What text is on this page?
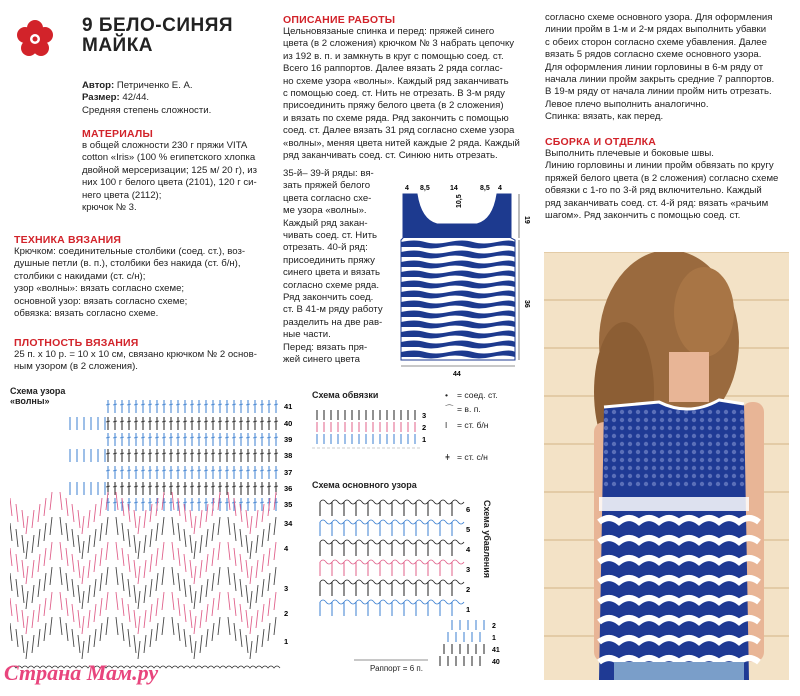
9 БЕЛО-СИНЯЯ
МАЙКА
Автор: Петриченко Е. А.
Размер: 42/44.
Средняя степень сложности.
МАТЕРИАЛЫ
в общей сложности 230 г пряжи VITA
cotton «Iris» (100 % египетского хлопка
двойной мерсеризации; 125 м/ 20 г), из
них 100 г белого цвета (2101), 120 г си-
него цвета (2112);
крючок № 3.
ТЕХНИКА ВЯЗАНИЯ
Крючком: соединительные столбики (соед. ст.), воз-
душные петли (в. п.), столбики без накида (ст. б/н),
столбики с накидами (ст. с/н);
узор «волны»: вязать согласно схеме;
основной узор: вязать согласно схеме;
обвязка: вязать согласно схеме.
ПЛОТНОСТЬ ВЯЗАНИЯ
25 п. х 10 р. = 10 х 10 см, связано крючком № 2 основ-
ным узором (в 2 сложения).
ОПИСАНИЕ РАБОТЫ
Цельновязаные спинка и перед: пряжей синего
цвета (в 2 сложения) крючком № 3 набрать цепочку
из 192 в. п. и замкнуть в круг с помощью соед. ст.
Всего 16 раппортов. Далее вязать 2 ряда соглас-
но схеме узора «волны». Каждый ряд заканчивать
с помощью соед. ст. Нить не отрезать. В 3-м ряду
присоединить пряжу белого цвета (в 2 сложения)
и вязать по схеме ряда. Ряд закончить с помощью
соед. ст. Далее вязать 31 ряд согласно схеме узора
«волны», меняя цвета нитей каждые 2 ряда. Каждый
ряд заканчивать соед. ст. Синюю нить отрезать.
35-й– 39-й ряды: вя-
зать пряжей белого
цвета согласно схе-
ме узора «волны».
Каждый ряд закан-
чивать соед. ст. Нить
отрезать. 40-й ряд:
присоединить пряжу
синего цвета и вязать
согласно схеме ряда.
Ряд закончить соед.
ст. В 41-м ряду работу
разделить на две рав-
ные части.
Перед: вязать пря-
жей синего цвета
4 8,5	14	8,5 4
Перед и спинка
10,5
19
36
44
согласно схеме основного узора. Для оформления
линии пройм в 1-м и 2-м рядах выполнить убавки
с обеих сторон согласно схеме убавления. Далее
вязать 5 рядов согласно схеме основного узора.
Для оформления линии горловины в 6-м ряду от
начала линии пройм закрыть средние 7 раппортов.
В 19-м ряду от начала линии пройм нить отрезать.
Левое плечо выполнить аналогично.
Спинка: вязать, как перед.
СБОРКА И ОТДЕЛКА
Выполнить плечевые и боковые швы.
Линию горловины и линии пройм обвязать по кругу
пряжей белого цвета (в 2 сложения) согласно схеме
обвязки с 1-го по 3-й ряд включительно. Каждый
ряд заканчивать соед. ст. 4-й ряд: вязать «рачьим
шагом». Ряд закончить с помощью соед. ст.
Схема узора
«волны»
41
40
39
38
37
36
35
34
4
3
2
1
Схема обвязки
3
2
1
• = соед. ст.
⌒ = в. п.
ǀ = ст. б/н
ǂ = ст. с/н
Схема основного узора
6
5
4
3
2
1
2
1
41
40
Схема убавления
Раппорт = 6 п.
Страна Мам.ру
